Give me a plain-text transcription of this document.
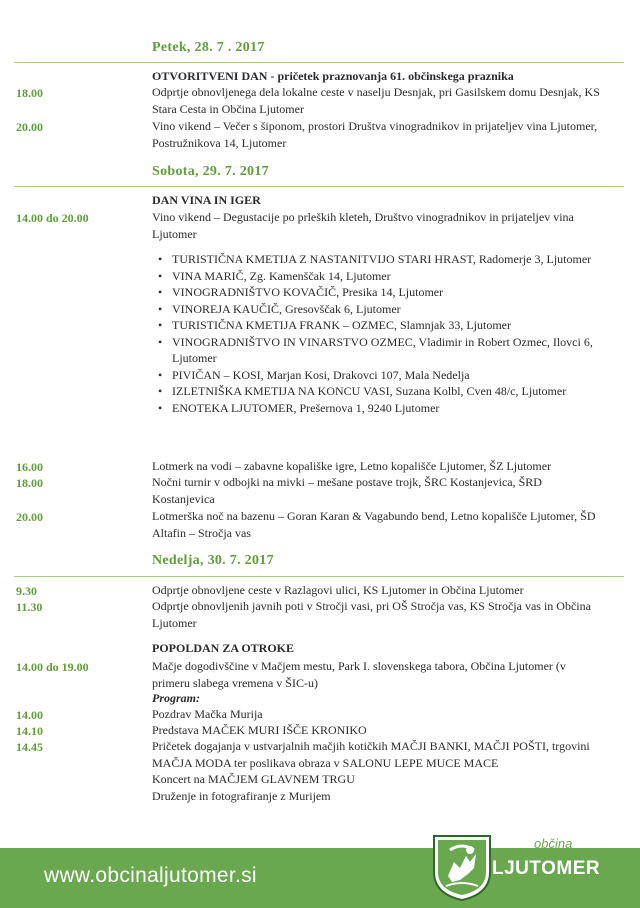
Petek, 28. 7 . 2017
OTVORITVENI DAN - pričetek praznovanja 61. občinskega praznika
18.00	Odprtje obnovljenega dela lokalne ceste v naselju Desnjak, pri Gasilskem domu Desnjak, KS Stara Cesta in Občina Ljutomer
20.00	Vino vikend – Večer s šiponom, prostori Društva vinogradnikov in prijateljev vina Ljutomer, Postružnikova 14, Ljutomer
Sobota, 29. 7. 2017
DAN VINA IN IGER
14.00 do 20.00	Vino vikend – Degustacije po prleških kleteh, Društvo vinogradnikov in prijateljev vina Ljutomer
• TURISTIČNA KMETIJA Z NASTANITVIJO STARI HRAST, Radomerje 3, Ljutomer
• VINA MARIČ, Zg. Kamenščak 14, Ljutomer
• VINOGRADNIŠTVO KOVAČIČ, Presika 14, Ljutomer
• VINOREJA KAUČIČ, Gresovščak 6, Ljutomer
• TURISTIČNA KMETIJA FRANK – OZMEC, Slamnjak 33, Ljutomer
• VINOGRADNIŠTVO IN VINARSTVO OZMEC, Vladimir in Robert Ozmec, Ilovci 6, Ljutomer
• PIVIČAN – KOSI, Marjan Kosi, Drakovci 107, Mala Nedelja
• IZLETNIŠKA KMETIJA NA KONCU VASI, Suzana Kolbl, Cven 48/c, Ljutomer
• ENOTEKA LJUTOMER, Prešernova 1, 9240 Ljutomer
16.00	Lotmerk na vodi – zabavne kopališke igre, Letno kopališče Ljutomer, ŠZ Ljutomer
18.00	Nočni turnir v odbojki na mivki – mešane postave trojk, ŠRC Kostanjevica, ŠRD Kostanjevica
20.00	Lotmerška noč na bazenu – Goran Karan & Vagabundo bend, Letno kopališče Ljutomer, ŠD Altafin – Stročja vas
Nedelja, 30. 7. 2017
9.30	Odprtje obnovljene ceste v Razlagovi ulici, KS Ljutomer in Občina Ljutomer
11.30	Odprtje obnovljenih javnih poti v Stročji vasi, pri OŠ Stročja vas, KS Stročja vas in Občina Ljutomer
POPOLDAN ZA OTROKE
14.00 do 19.00	Mačje dogodivščine v Mačjem mestu, Park I. slovenskega tabora, Občina Ljutomer (v primeru slabega vremena v ŠIC-u)
Program:
14.00	Pozdrav Mačka Murija
14.10	Predstava MAČEK MURI IŠČE KRONIKO
14.45	Pričetek dogajanja v ustvarjalnih mačjih kotičkih MAČJI BANKI, MAČJI POŠTI, trgovini MAČJA MODA ter poslikava obraza v SALONU LEPE MUCE MACE
Koncert na MAČJEM GLAVNEM TRGU
Druženje in fotografiranje z Murijem
www.obcinaljutomer.si
občina
LJUTOMER
